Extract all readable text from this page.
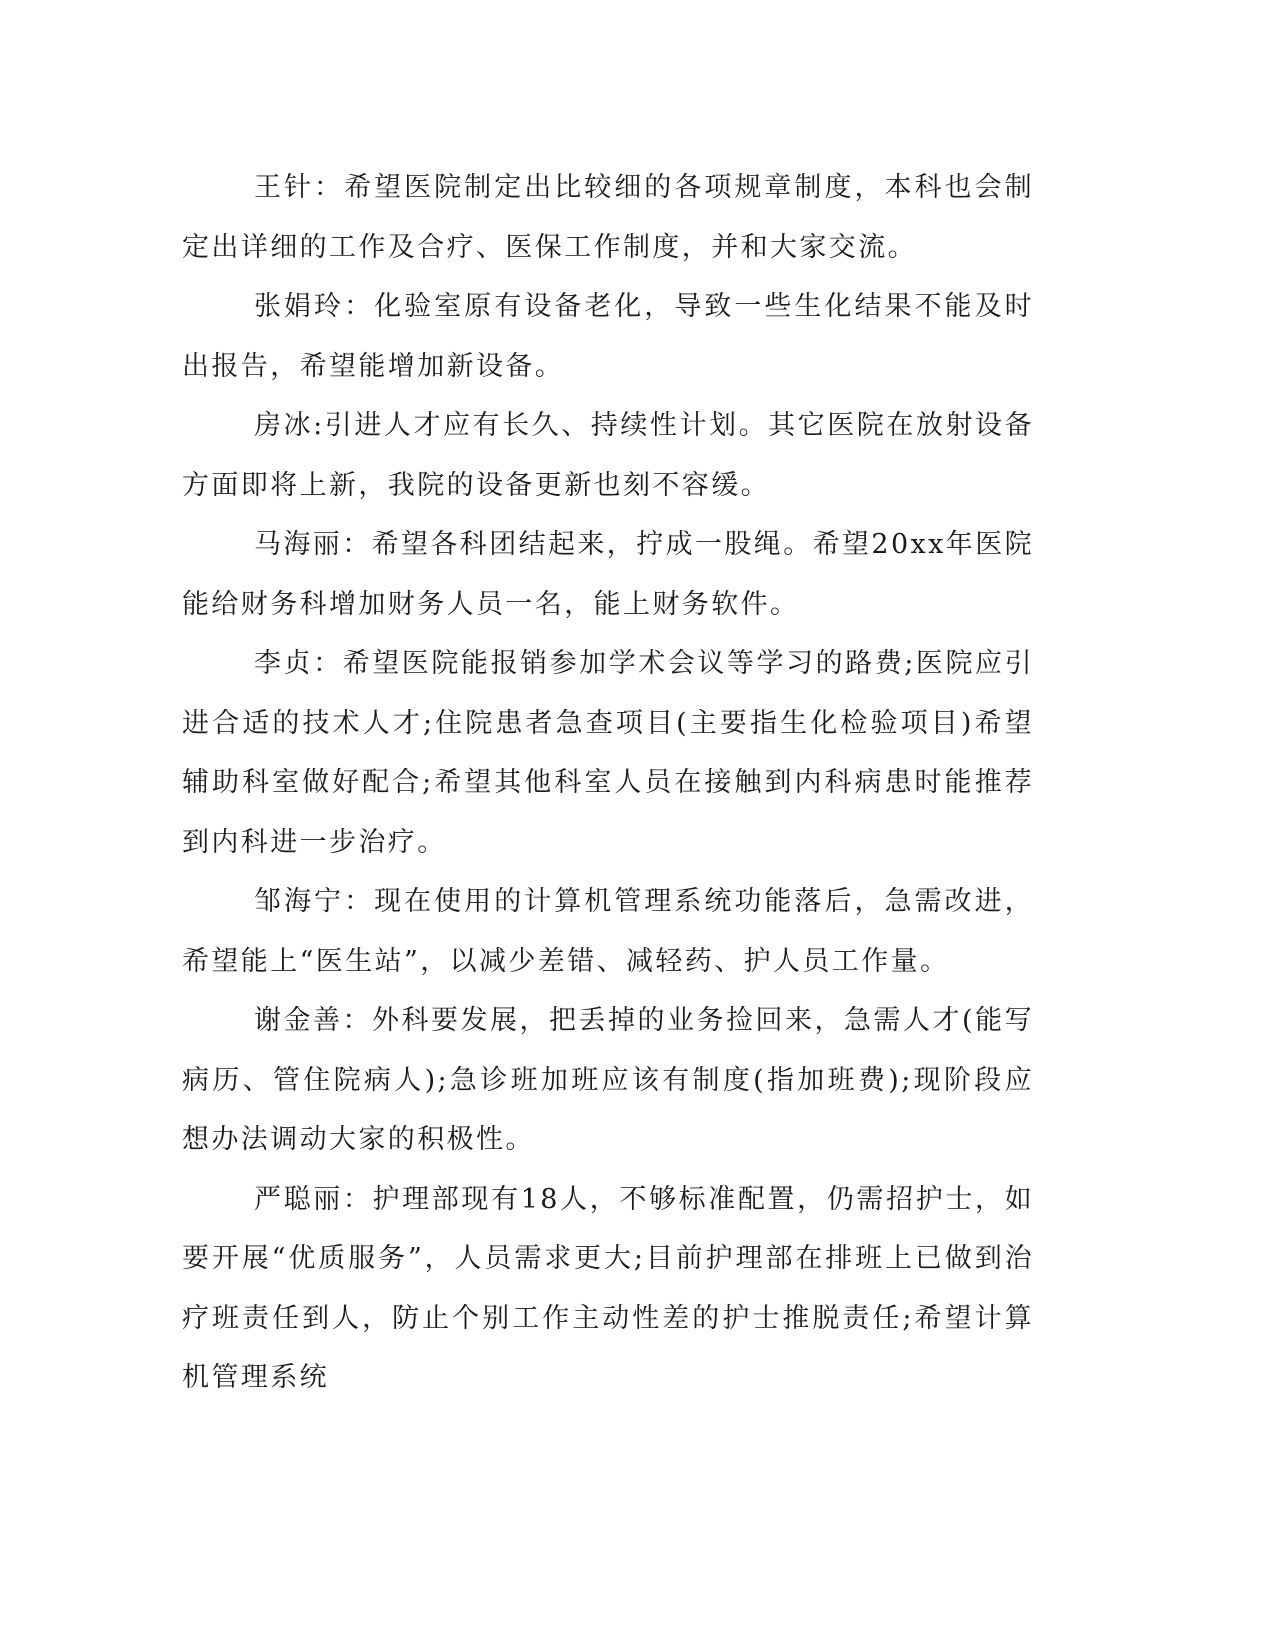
王针：希望医院制定出比较细的各项规章制度，本科也会制定出详细的工作及合疗、医保工作制度，并和大家交流。

张娟玲：化验室原有设备老化，导致一些生化结果不能及时出报告，希望能增加新设备。

房冰:引进人才应有长久、持续性计划。其它医院在放射设备方面即将上新，我院的设备更新也刻不容缓。

马海丽：希望各科团结起来，拧成一股绳。希望20xx年医院能给财务科增加财务人员一名，能上财务软件。

李贞：希望医院能报销参加学术会议等学习的路费;医院应引进合适的技术人才;住院患者急查项目(主要指生化检验项目)希望辅助科室做好配合;希望其他科室人员在接触到内科病患时能推荐到内科进一步治疗。

邹海宁：现在使用的计算机管理系统功能落后，急需改进，希望能上“医生站”，以减少差错、减轻药、护人员工作量。

谢金善：外科要发展，把丢掉的业务捡回来，急需人才(能写病历、管住院病人);急诊班加班应该有制度(指加班费);现阶段应想办法调动大家的积极性。

严聪丽：护理部现有18人，不够标准配置，仍需招护士，如要开展“优质服务”，人员需求更大;目前护理部在排班上已做到治疗班责任到人，防止个别工作主动性差的护士推脱责任;希望计算机管理系统
